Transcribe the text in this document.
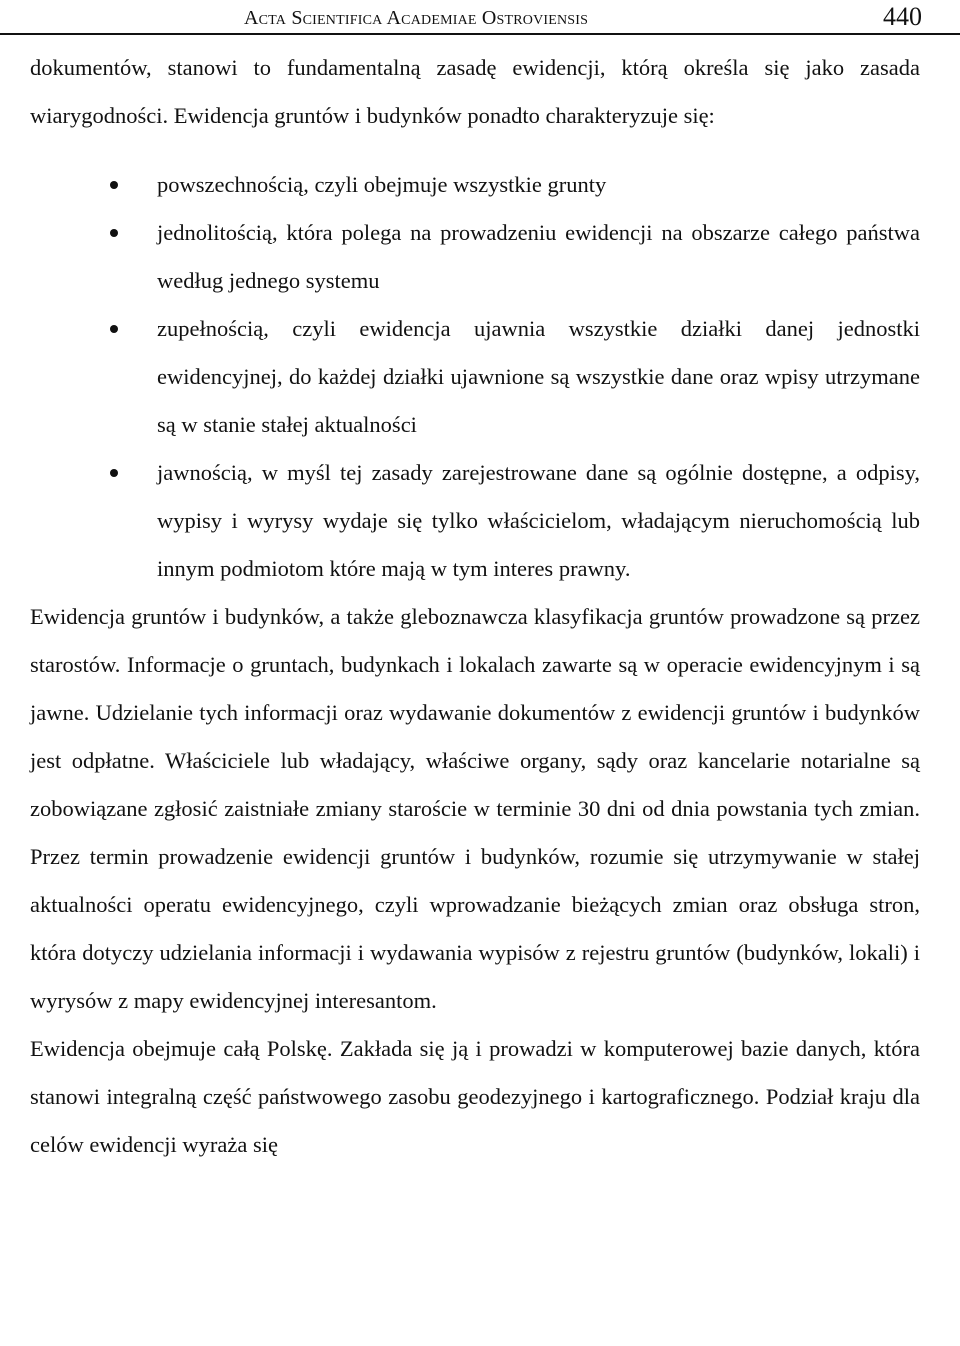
Acta Scientifica Academiae Ostroviensis	440

dokumentów, stanowi to fundamentalną zasadę ewidencji, którą określa się jako zasada wiarygodności. Ewidencja gruntów i budynków ponadto charakteryzuje się:

powszechnością, czyli obejmuje wszystkie grunty
jednolitością, która polega na prowadzeniu ewidencji na obszarze całego państwa według jednego systemu
zupełnością, czyli ewidencja ujawnia wszystkie działki danej jednostki ewidencyjnej, do każdej działki ujawnione są wszystkie dane oraz wpisy utrzymane są w stanie stałej aktualności
jawnością, w myśl tej zasady zarejestrowane dane są ogólnie dostępne, a odpisy, wypisy i wyrysy wydaje się tylko właścicielom, władającym nieruchomością lub innym podmiotom które mają w tym interes prawny.

Ewidencja gruntów i budynków, a także gleboznawcza klasyfikacja gruntów prowadzone są przez starostów. Informacje o gruntach, budynkach i lokalach zawarte są w operacie ewidencyjnym i są jawne. Udzielanie tych informacji oraz wydawanie dokumentów z ewidencji gruntów i budynków jest odpłatne. Właściciele lub władający, właściwe organy, sądy oraz kancelarie notarialne są zobowiązane zgłosić zaistniałe zmiany staroście w terminie 30 dni od dnia powstania tych zmian. Przez termin prowadzenie ewidencji gruntów i budynków, rozumie się utrzymywanie w stałej aktualności operatu ewidencyjnego, czyli wprowadzanie bieżących zmian oraz obsługa stron, która dotyczy udzielania informacji i wydawania wypisów z rejestru gruntów (budynków, lokali) i wyrysów z mapy ewidencyjnej interesantom.

Ewidencja obejmuje całą Polskę. Zakłada się ją i prowadzi w komputerowej bazie danych, która stanowi integralną część państwowego zasobu geodezyjnego i kartograficznego. Podział kraju dla celów ewidencji wyraża się
